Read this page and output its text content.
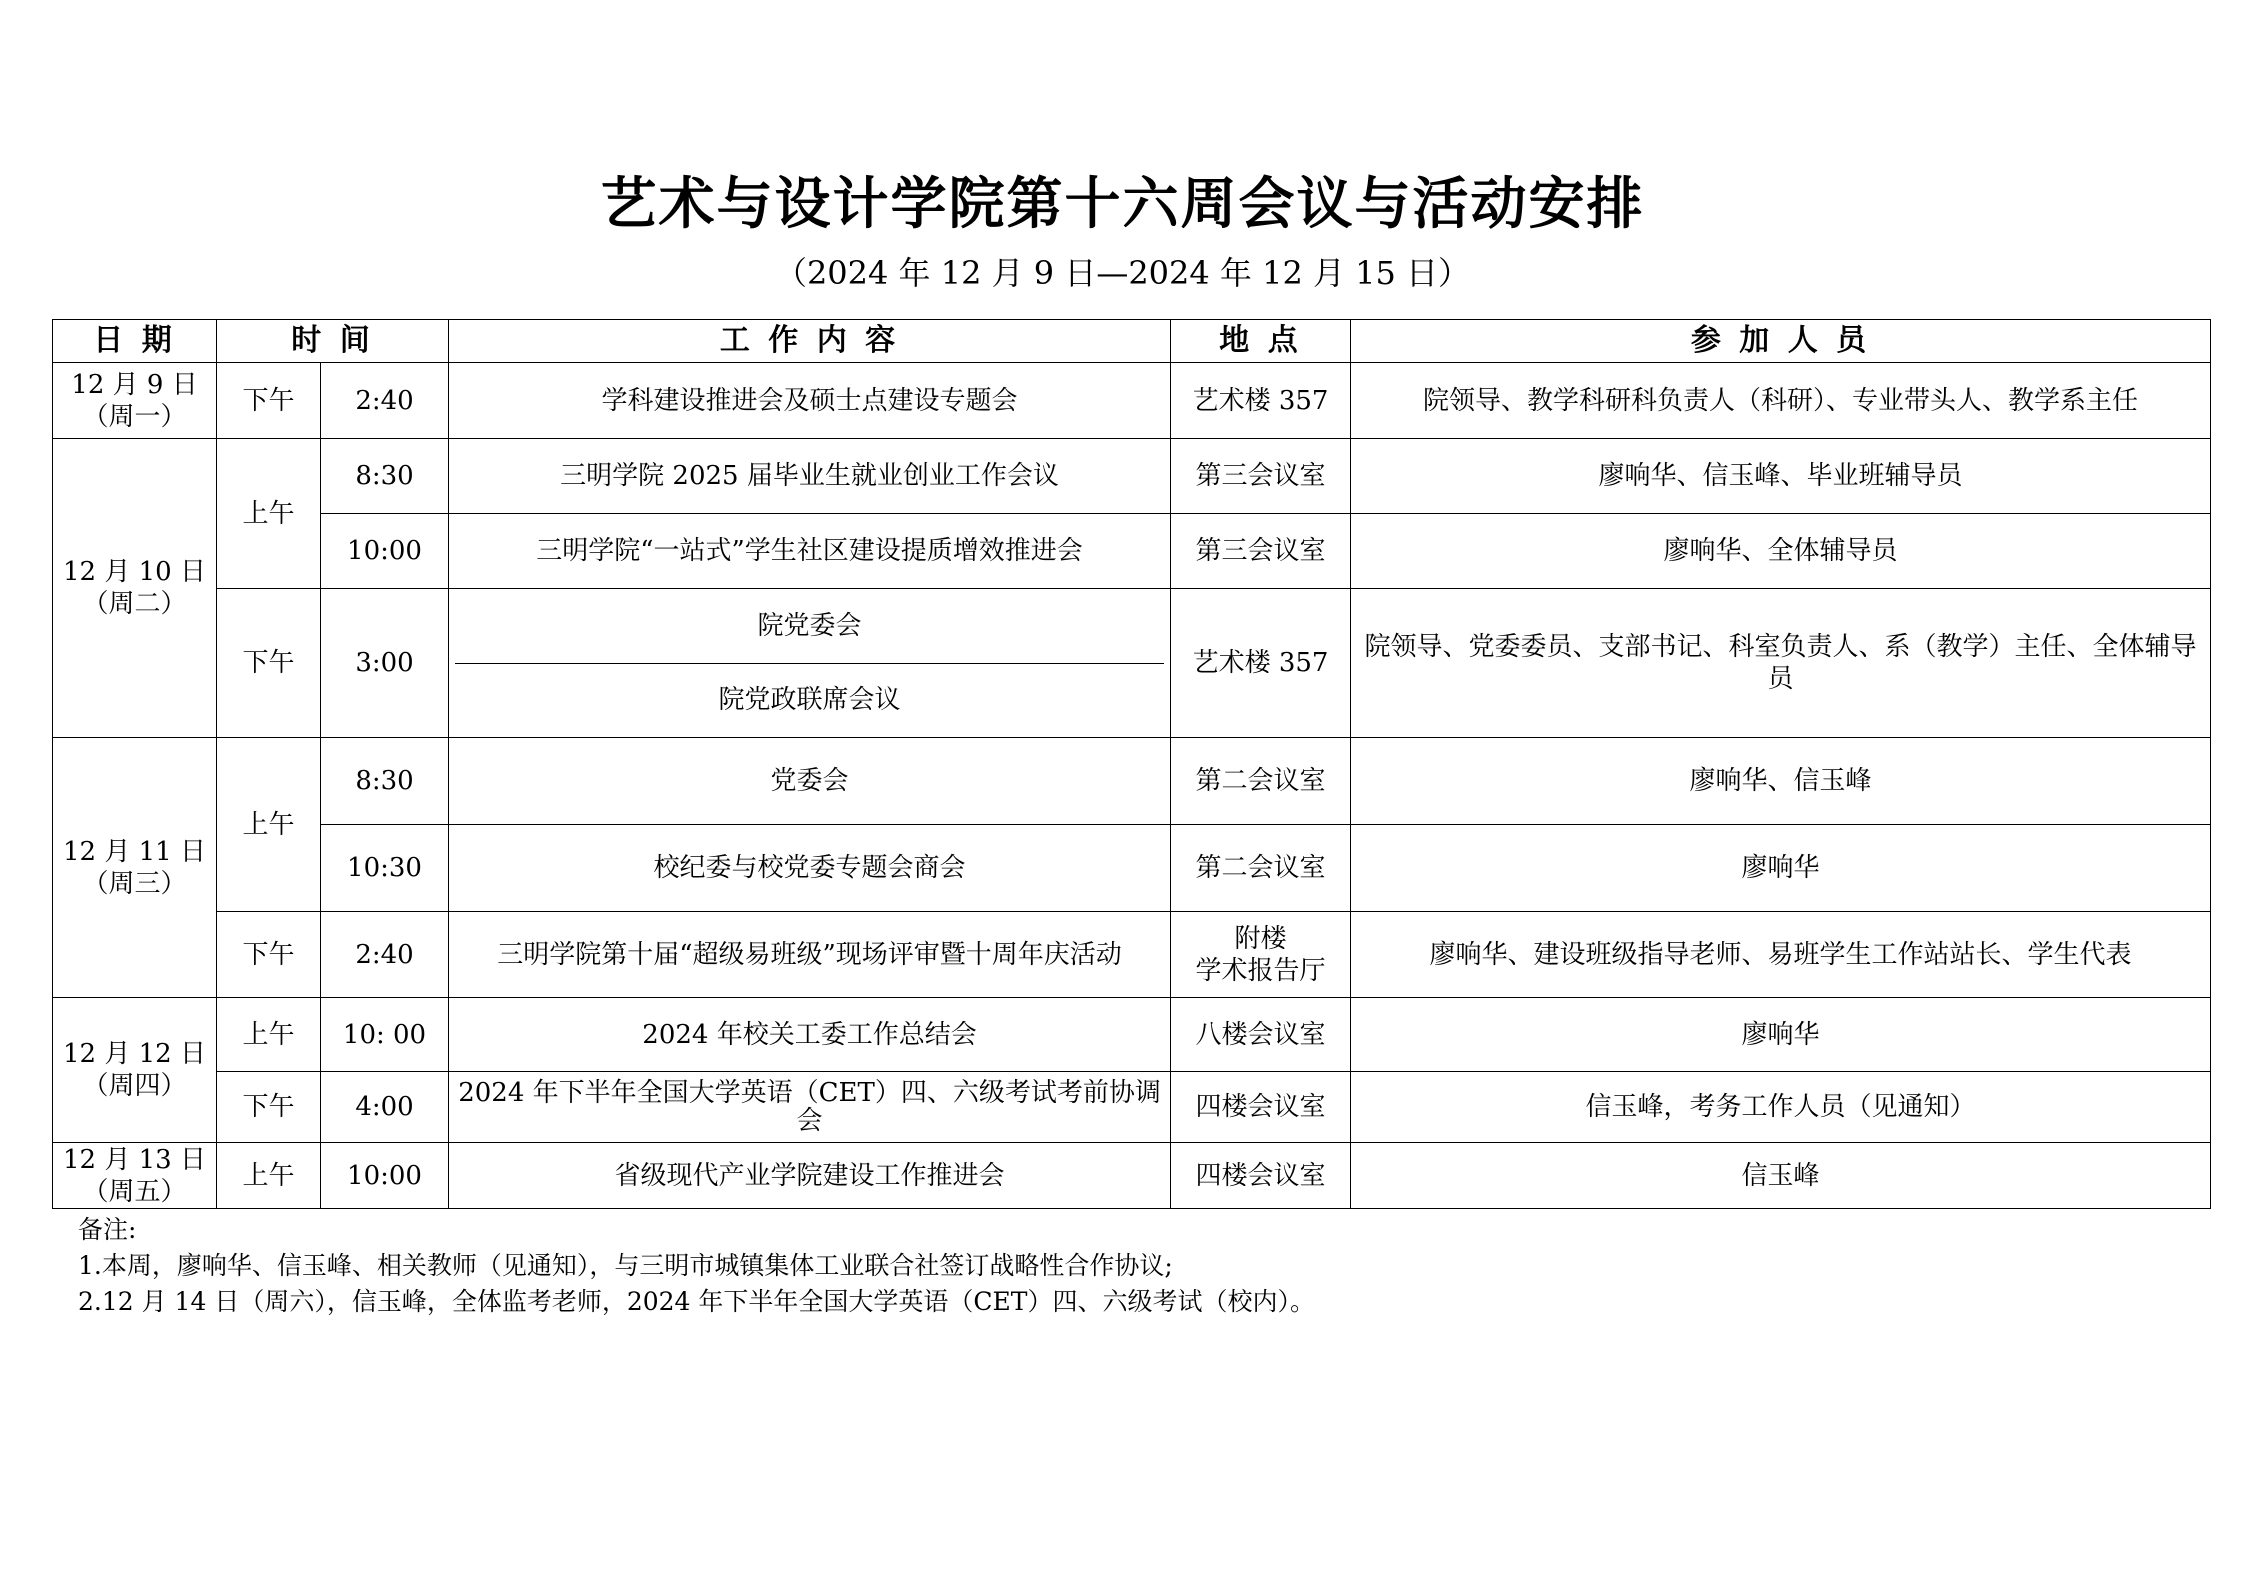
艺术与设计学院第十六周会议与活动安排
（2024 年 12 月 9 日—2024 年 12 月 15 日）
日 期	时 间		工 作 内 容	地 点	参 加 人 员

12 月 9 日
（周一）	下午	2:40	学科建设推进会及硕士点建设专题会	艺术楼 357	院领导、教学科研科负责人（科研）、专业带头人、教学系主任

12 月 10 日
（周二）	上午	8:30	三明学院 2025 届毕业生就业创业工作会议	第三会议室	廖响华、信玉峰、毕业班辅导员
		10:00	三明学院“一站式”学生社区建设提质增效推进会	第三会议室	廖响华、全体辅导员
	下午	3:00	院党委会
院党政联席会议	艺术楼 357	院领导、党委委员、支部书记、科室负责人、系（教学）主任、全体辅导员

12 月 11 日
（周三）	上午	8:30	党委会	第二会议室	廖响华、信玉峰
		10:30	校纪委与校党委专题会商会	第二会议室	廖响华
	下午	2:40	三明学院第十届“超级易班级”现场评审暨十周年庆活动	附楼
学术报告厅	廖响华、建设班级指导老师、易班学生工作站站长、学生代表

12 月 12 日
（周四）	上午	10: 00	2024 年校关工委工作总结会	八楼会议室	廖响华
	下午	4:00	2024 年下半年全国大学英语（CET）四、六级考试考前协调会	四楼会议室	信玉峰，考务工作人员（见通知）

12 月 13 日
（周五）	上午	10:00	省级现代产业学院建设工作推进会	四楼会议室	信玉峰
备注:
1.本周，廖响华、信玉峰、相关教师（见通知），与三明市城镇集体工业联合社签订战略性合作协议;
2.12 月 14 日（周六），信玉峰，全体监考老师，2024 年下半年全国大学英语（CET）四、六级考试（校内）。
